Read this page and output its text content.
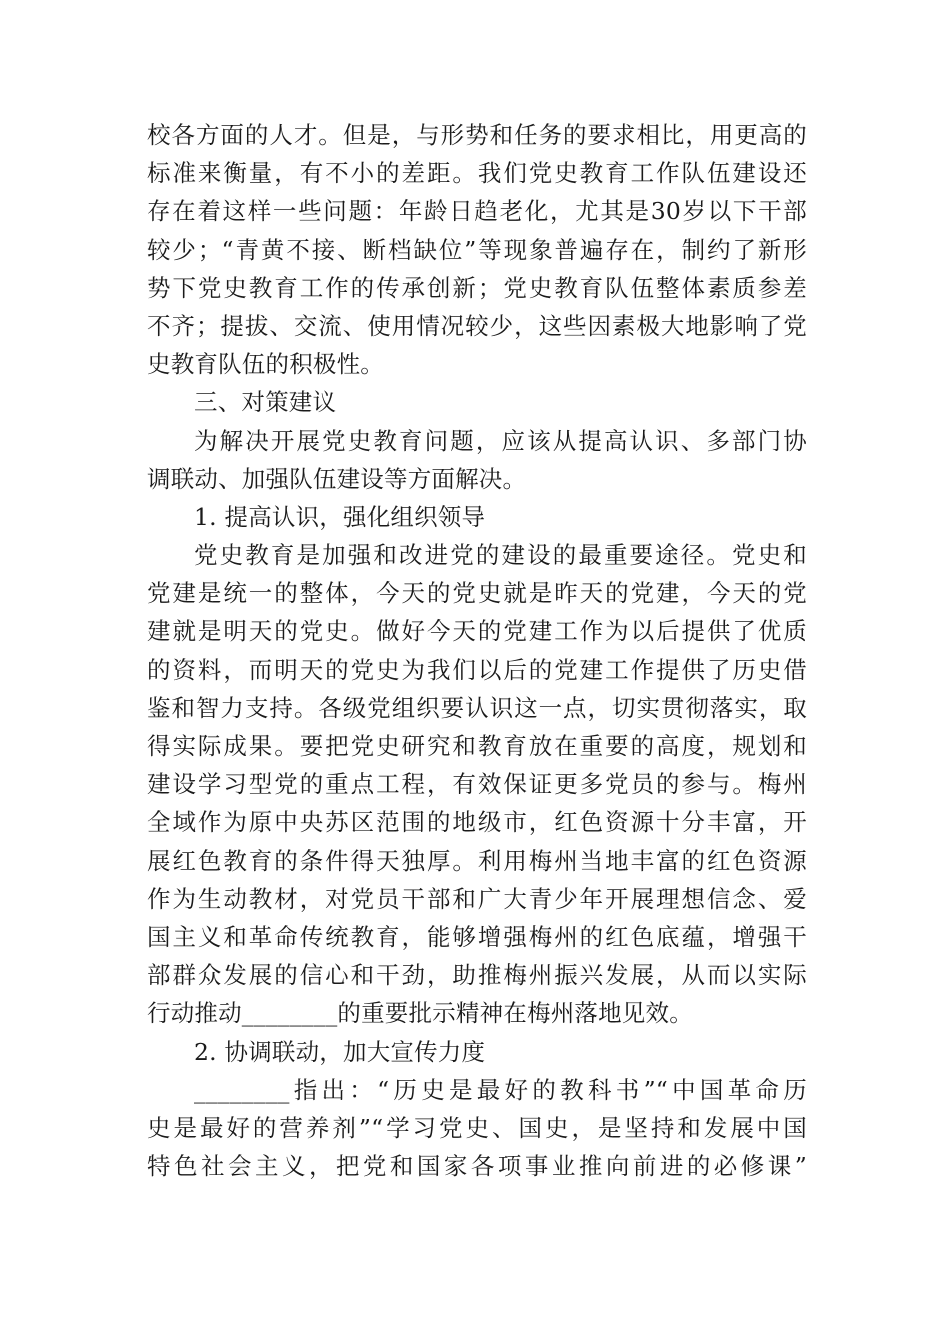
校各方面的人才。但是，与形势和任务的要求相比，用更高的
标准来衡量，有不小的差距。我们党史教育工作队伍建设还
存在着这样一些问题：年龄日趋老化，尤其是30岁以下干部
较少；“青黄不接、断档缺位”等现象普遍存在，制约了新形
势下党史教育工作的传承创新；党史教育队伍整体素质参差
不齐；提拔、交流、使用情况较少，这些因素极大地影响了党
史教育队伍的积极性。
三、对策建议
为解决开展党史教育问题，应该从提高认识、多部门协
调联动、加强队伍建设等方面解决。
1. 提高认识，强化组织领导
党史教育是加强和改进党的建设的最重要途径。党史和
党建是统一的整体，今天的党史就是昨天的党建，今天的党
建就是明天的党史。做好今天的党建工作为以后提供了优质
的资料，而明天的党史为我们以后的党建工作提供了历史借
鉴和智力支持。各级党组织要认识这一点，切实贯彻落实，取
得实际成果。要把党史研究和教育放在重要的高度，规划和
建设学习型党的重点工程，有效保证更多党员的参与。梅州
全域作为原中央苏区范围的地级市，红色资源十分丰富，开
展红色教育的条件得天独厚。利用梅州当地丰富的红色资源
作为生动教材，对党员干部和广大青少年开展理想信念、爱
国主义和革命传统教育，能够增强梅州的红色底蕴，增强干
部群众发展的信心和干劲，助推梅州振兴发展，从而以实际
行动推动________的重要批示精神在梅州落地见效。
2. 协调联动，加大宣传力度
________指出：“历史是最好的教科书”“中国革命历
史是最好的营养剂”“学习党史、国史，是坚持和发展中国
特色社会主义，把党和国家各项事业推向前进的必修课”
